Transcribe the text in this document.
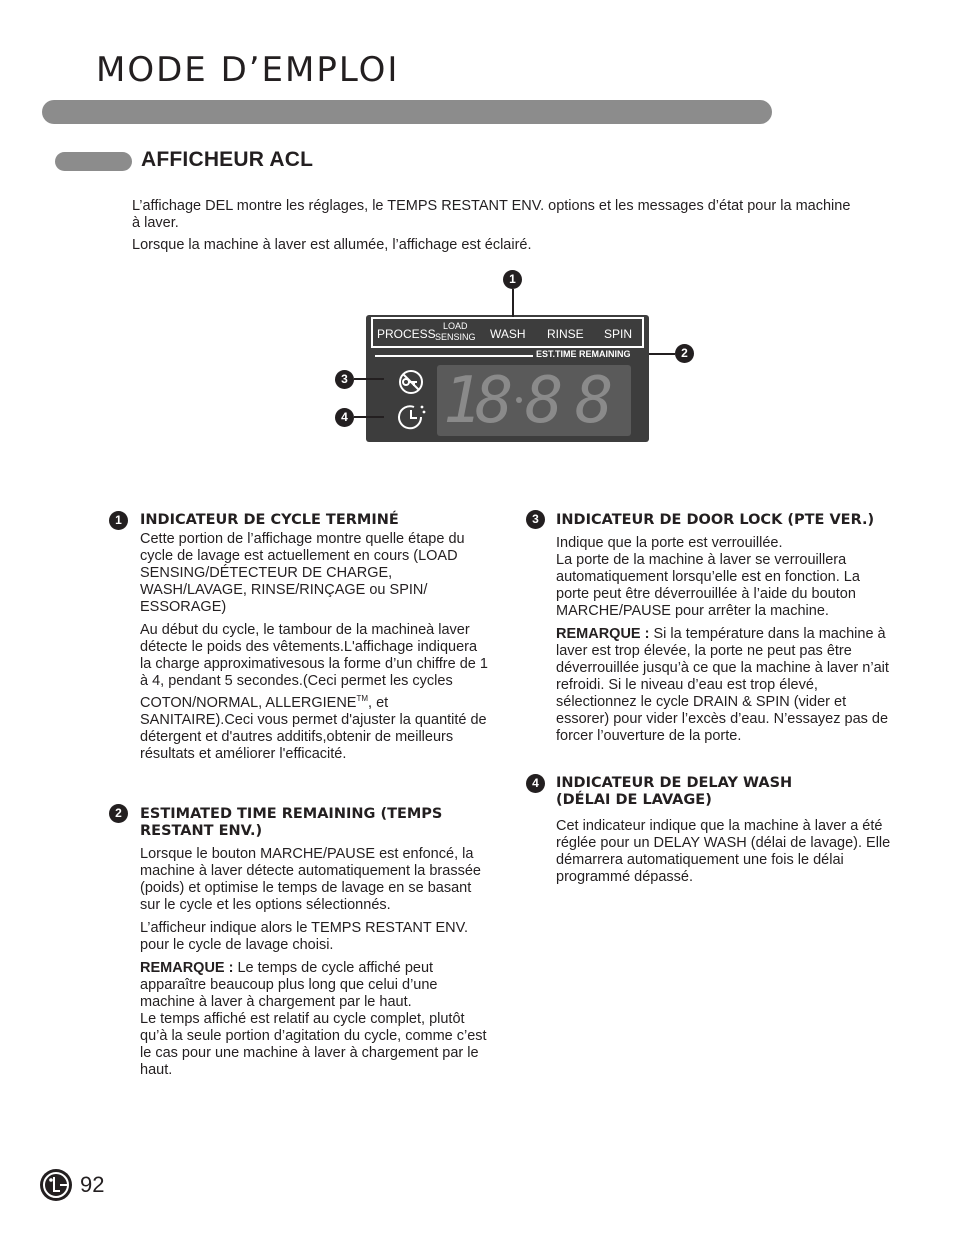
MODE D’EMPLOI
AFFICHEUR ACL
L’affichage DEL montre les réglages, le TEMPS RESTANT ENV. options et les messages d’état pour la machine à laver.
Lorsque la machine à laver est allumée, l’affichage est éclairé.
PROCESS
LOAD
SENSING WASH RINSE SPIN
EST.TIME REMAINING
1
8 8 8
1
2
3
4
1	INDICATEUR DE CYCLE TERMINÉ

Cette portion de l’affichage montre quelle étape du cycle de lavage est actuellement en cours (LOAD SENSING/DÉTECTEUR DE CHARGE, WASH/LAVAGE, RINSE/RINÇAGE ou SPIN/ ESSORAGE)

Au début du cycle, le tambour de la machineà laver détecte le poids des vêtements.L'affichage indiquera la charge approximativesous la forme d’un chiffre de 1 à 4, pendant 5 secondes.(Ceci permet les cycles COTON/NORMAL, ALLERGIENE™, et SANITAIRE).Ceci vous permet d'ajuster la quantité de détergent et d'autres additifs,obtenir de meilleurs résultats et améliorer l'efficacité.

2	ESTIMATED TIME REMAINING (TEMPS RESTANT ENV.)

Lorsque le bouton MARCHE/PAUSE est enfoncé, la machine à laver détecte automatiquement la brassée (poids) et optimise le temps de lavage en se basant sur le cycle et les options sélectionnés.

L’afficheur indique alors le TEMPS RESTANT ENV. pour le cycle de lavage choisi.

REMARQUE : Le temps de cycle affiché peut apparaître beaucoup plus long que celui d’une machine à laver à chargement par le haut.

Le temps affiché est relatif au cycle complet, plutôt qu’à la seule portion d’agitation du cycle, comme c’est le cas pour une machine à laver à chargement par le haut.

3	INDICATEUR DE DOOR LOCK (PTE VER.)

Indique que la porte est verrouillée.

La porte de la machine à laver se verrouillera automatiquement lorsqu’elle est en fonction. La porte peut être déverrouillée à l’aide du bouton MARCHE/PAUSE pour arrêter la machine.

REMARQUE : Si la température dans la machine à laver est trop élevée, la porte ne peut pas être déverrouillée jusqu’à ce que la machine à laver n’ait refroidi. Si le niveau d’eau est trop élevé, sélectionnez le cycle DRAIN & SPIN (vider et essorer) pour vider l’excès d’eau. N’essayez pas de forcer l’ouverture de la porte.

4	INDICATEUR DE DELAY WASH (DÉLAI DE LAVAGE)

Cet indicateur indique que la machine à laver a été réglée pour un DELAY WASH (délai de lavage). Elle démarrera automatiquement une fois le délai programmé dépassé.

92
